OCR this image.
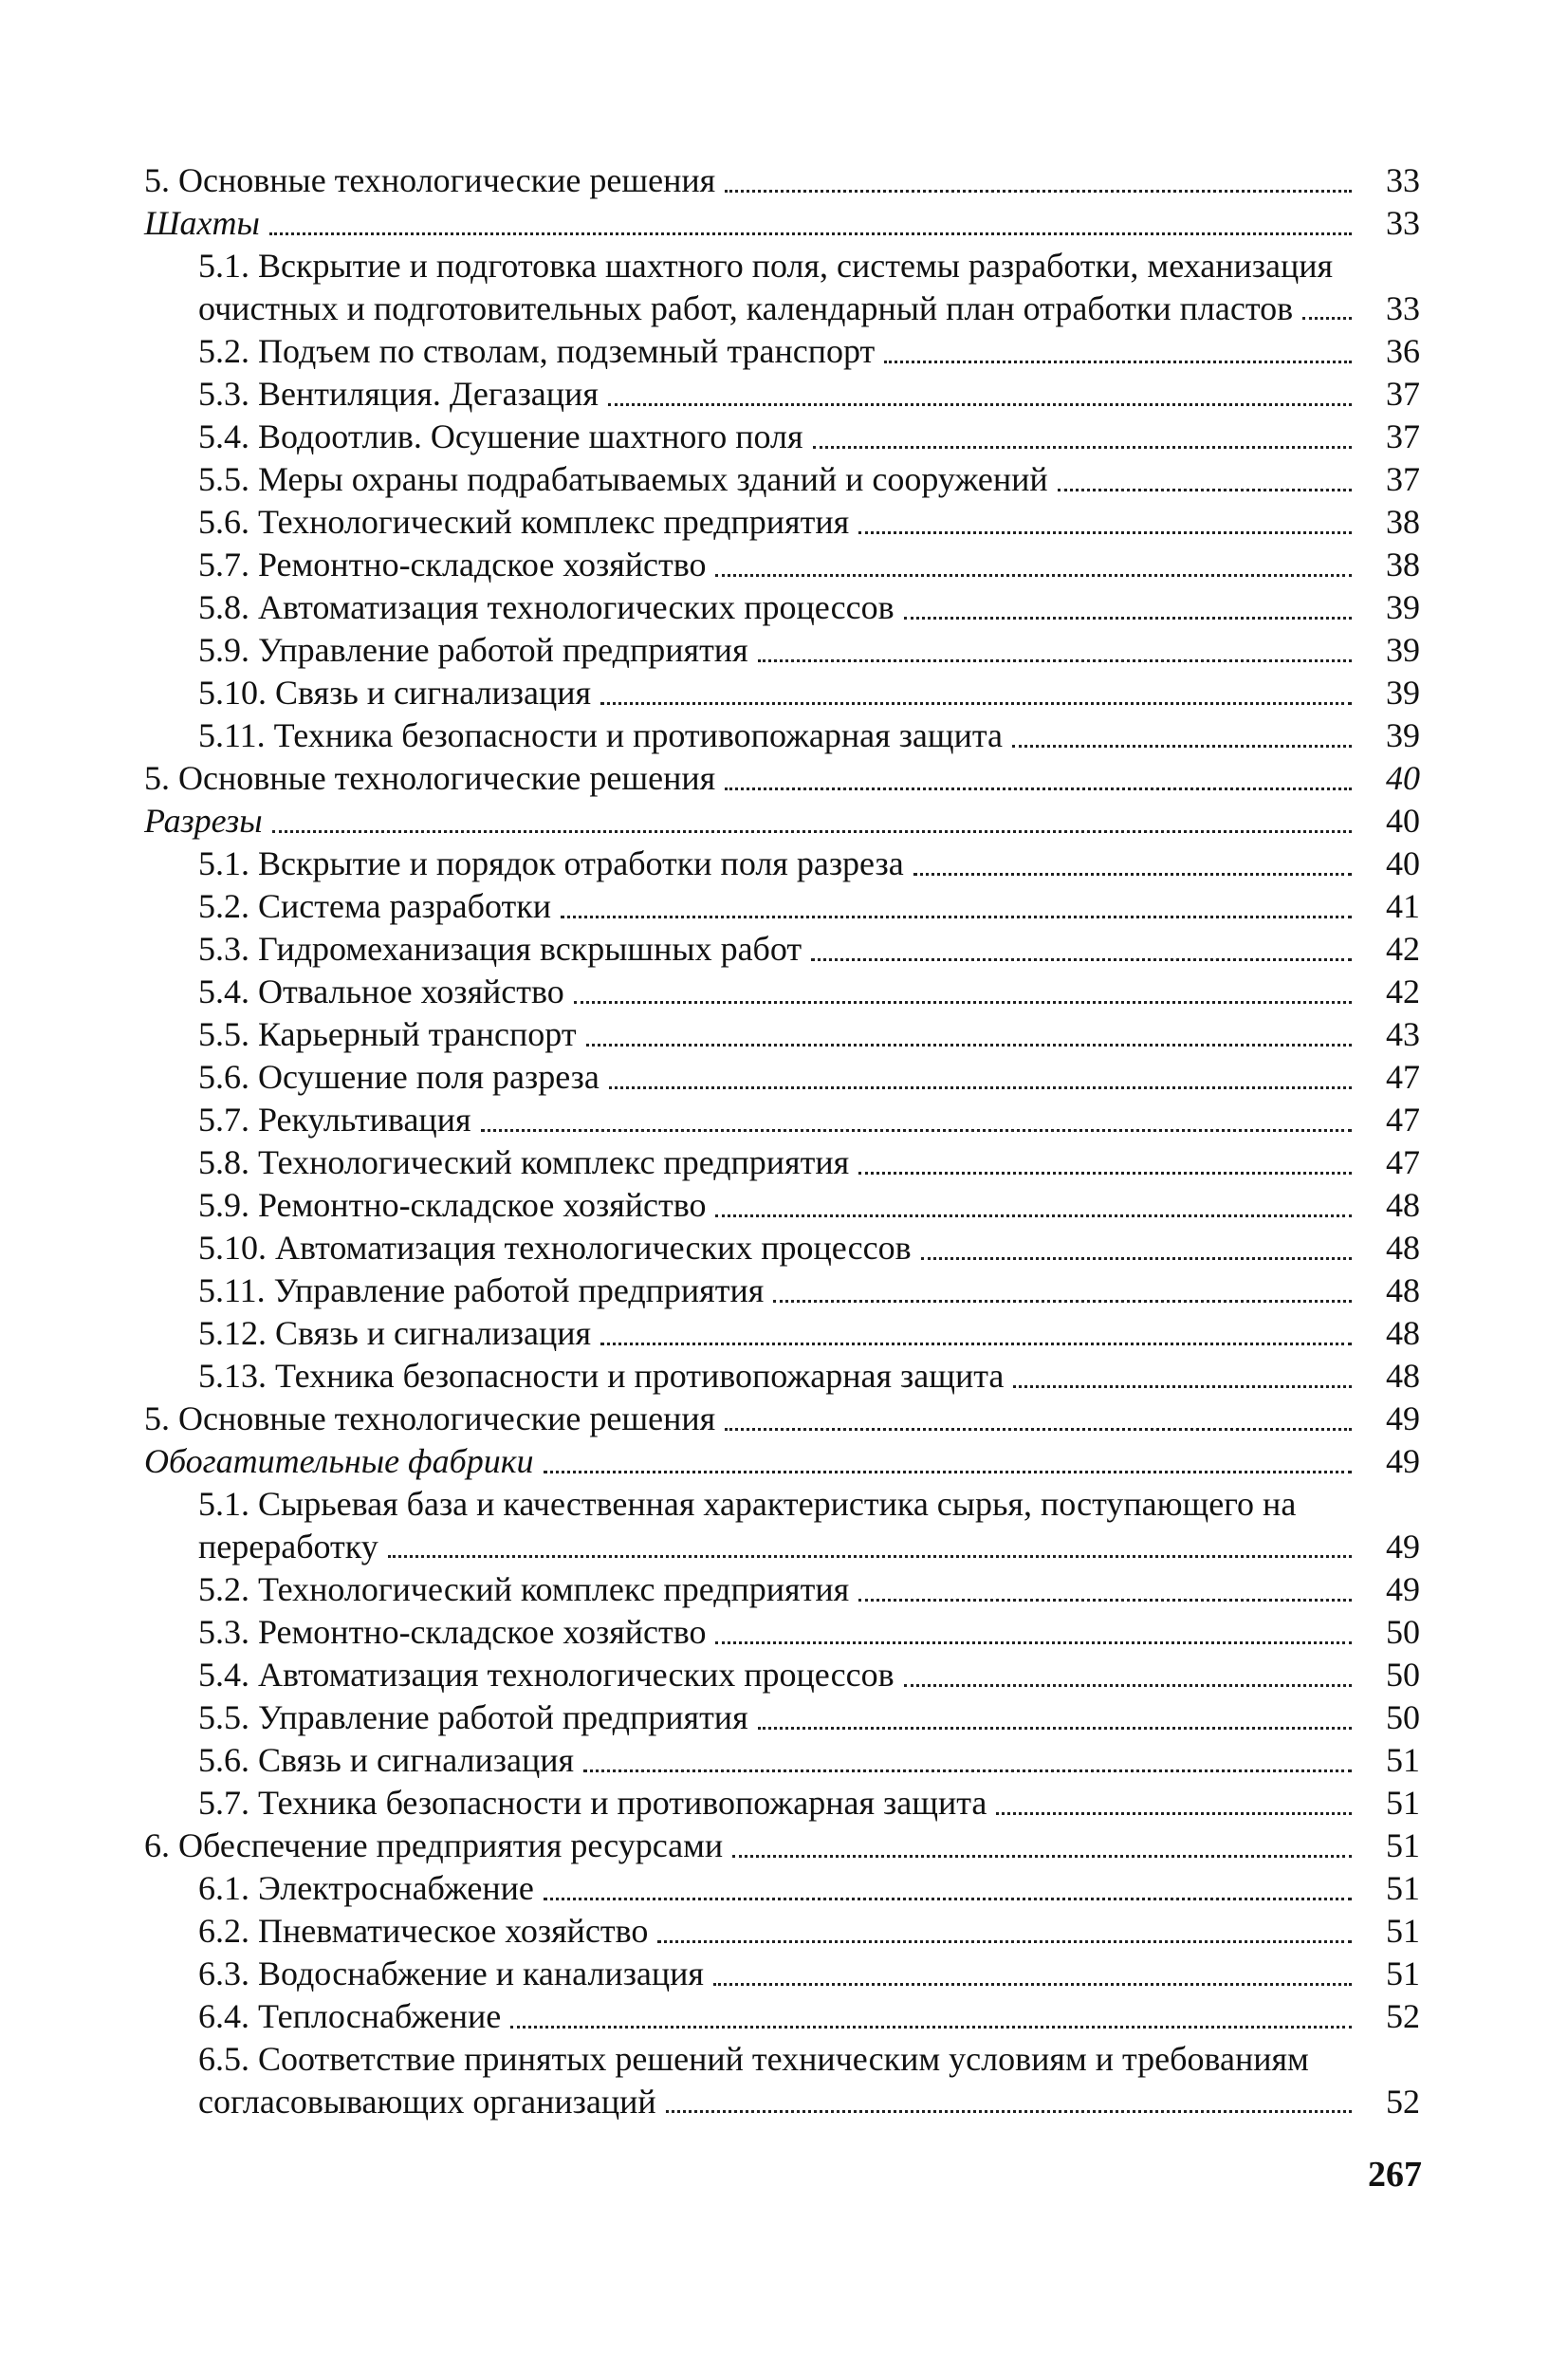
5. Основные технологические решения	33
Шахты	33
5.1. Вскрытие и подготовка шахтного поля, системы разработки, механизация очистных и подготовительных работ, календарный план отработки пластов	33
5.2. Подъем по стволам, подземный транспорт	36
5.3. Вентиляция. Дегазация	37
5.4. Водоотлив. Осушение шахтного поля	37
5.5. Меры охраны подрабатываемых зданий и сооружений	37
5.6. Технологический комплекс предприятия	38
5.7. Ремонтно-складское хозяйство	38
5.8. Автоматизация технологических процессов	39
5.9. Управление работой предприятия	39
5.10. Связь и сигнализация	39
5.11. Техника безопасности и противопожарная защита	39
5. Основные технологические решения	40
Разрезы	40
5.1. Вскрытие и порядок отработки поля разреза	40
5.2. Система разработки	41
5.3. Гидромеханизация вскрышных работ	42
5.4. Отвальное хозяйство	42
5.5. Карьерный транспорт	43
5.6. Осушение поля разреза	47
5.7. Рекультивация	47
5.8. Технологический комплекс предприятия	47
5.9. Ремонтно-складское хозяйство	48
5.10. Автоматизация технологических процессов	48
5.11. Управление работой предприятия	48
5.12. Связь и сигнализация	48
5.13. Техника безопасности и противопожарная защита	48
5. Основные технологические решения	49
Обогатительные фабрики	49
5.1. Сырьевая база и качественная характеристика сырья, поступающего на переработку	49
5.2. Технологический комплекс предприятия	49
5.3. Ремонтно-складское хозяйство	50
5.4. Автоматизация технологических процессов	50
5.5. Управление работой предприятия	50
5.6. Связь и сигнализация	51
5.7. Техника безопасности и противопожарная защита	51
6. Обеспечение предприятия ресурсами	51
6.1. Электроснабжение	51
6.2. Пневматическое хозяйство	51
6.3. Водоснабжение и канализация	51
6.4. Теплоснабжение	52
6.5. Соответствие принятых решений техническим условиям и требованиям согласовывающих организаций	52
267
